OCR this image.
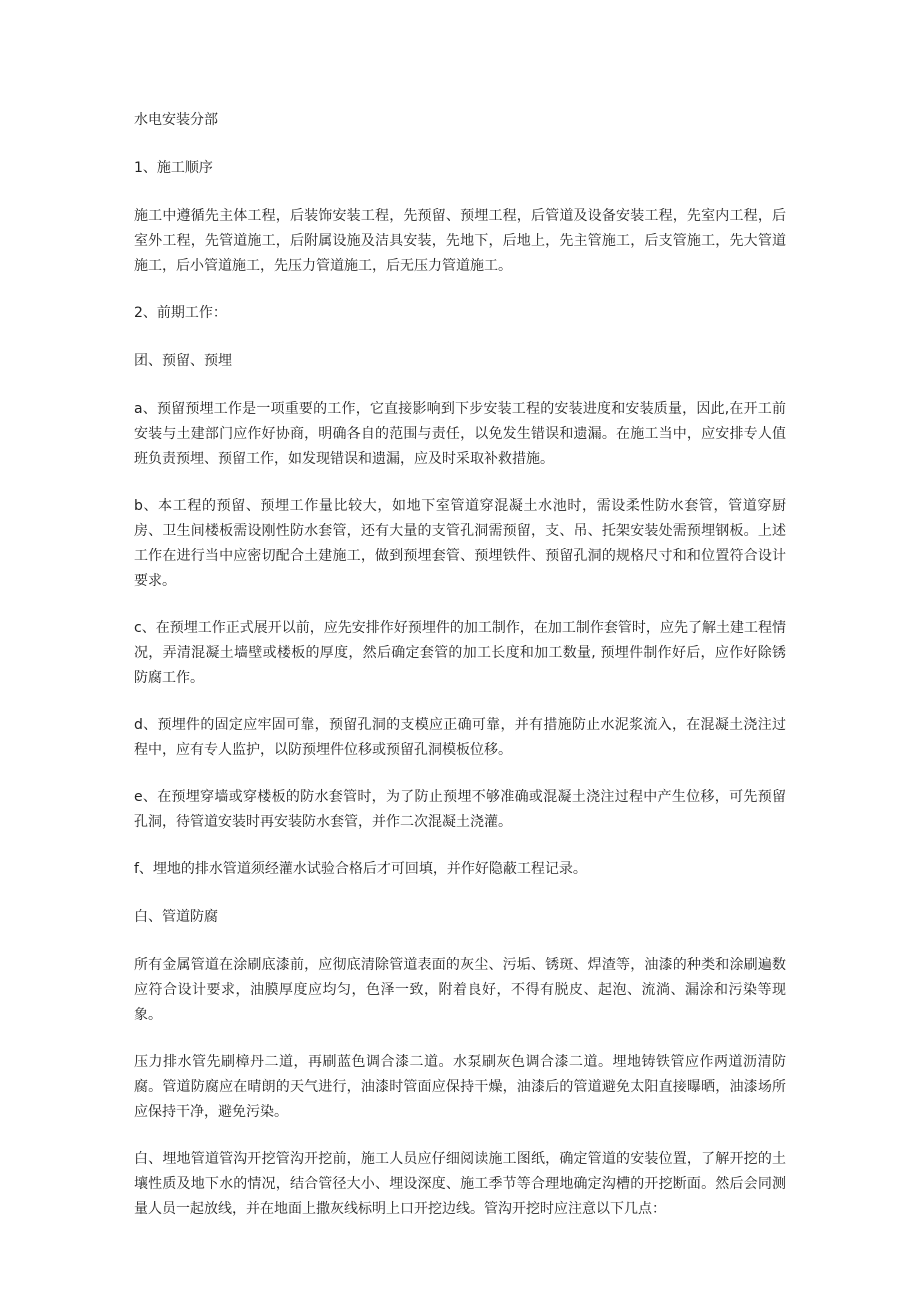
水电安装分部

1、施工顺序

施工中遵循先主体工程，后装饰安装工程，先预留、预埋工程，后管道及设备安装工程，先室内工程，后室外工程，先管道施工，后附属设施及洁具安装，先地下，后地上，先主管施工，后支管施工，先大管道施工，后小管道施工，先压力管道施工，后无压力管道施工。

2、前期工作：

团、预留、预埋

a、预留预埋工作是一项重要的工作，它直接影响到下步安装工程的安装进度和安装质量，因此,在开工前安装与土建部门应作好协商，明确各自的范围与责任，以免发生错误和遗漏。在施工当中，应安排专人值班负责预埋、预留工作，如发现错误和遗漏，应及时采取补救措施。

b、本工程的预留、预埋工作量比较大，如地下室管道穿混凝土水池时，需设柔性防水套管，管道穿厨房、卫生间楼板需设刚性防水套管，还有大量的支管孔洞需预留，支、吊、托架安装处需预埋钢板。上述工作在进行当中应密切配合土建施工，做到预埋套管、预埋铁件、预留孔洞的规格尺寸和和位置符合设计要求。

c、在预埋工作正式展开以前，应先安排作好预埋件的加工制作，在加工制作套管时，应先了解土建工程情况，弄清混凝土墙壁或楼板的厚度，然后确定套管的加工长度和加工数量, 预埋件制作好后，应作好除锈防腐工作。

d、预埋件的固定应牢固可靠，预留孔洞的支模应正确可靠，并有措施防止水泥浆流入，在混凝土浇注过程中，应有专人监护，以防预埋件位移或预留孔洞模板位移。

e、在预埋穿墙或穿楼板的防水套管时，为了防止预埋不够准确或混凝土浇注过程中产生位移，可先预留孔洞，待管道安装时再安装防水套管，并作二次混凝土浇灌。

f、埋地的排水管道须经灌水试验合格后才可回填，并作好隐蔽工程记录。

白、管道防腐

所有金属管道在涂刷底漆前，应彻底清除管道表面的灰尘、污垢、锈斑、焊渣等，油漆的种类和涂刷遍数应符合设计要求，油膜厚度应均匀，色泽一致，附着良好，不得有脱皮、起泡、流淌、漏涂和污染等现象。

压力排水管先刷樟丹二道，再刷蓝色调合漆二道。水泵刷灰色调合漆二道。埋地铸铁管应作两道沥清防腐。管道防腐应在晴朗的天气进行，油漆时管面应保持干燥，油漆后的管道避免太阳直接曝晒，油漆场所应保持干净，避免污染。

白、埋地管道管沟开挖管沟开挖前，施工人员应仔细阅读施工图纸，确定管道的安装位置，了解开挖的土壤性质及地下水的情况，结合管径大小、埋设深度、施工季节等合理地确定沟槽的开挖断面。然后会同测量人员一起放线，并在地面上撒灰线标明上口开挖边线。管沟开挖时应注意以下几点：
